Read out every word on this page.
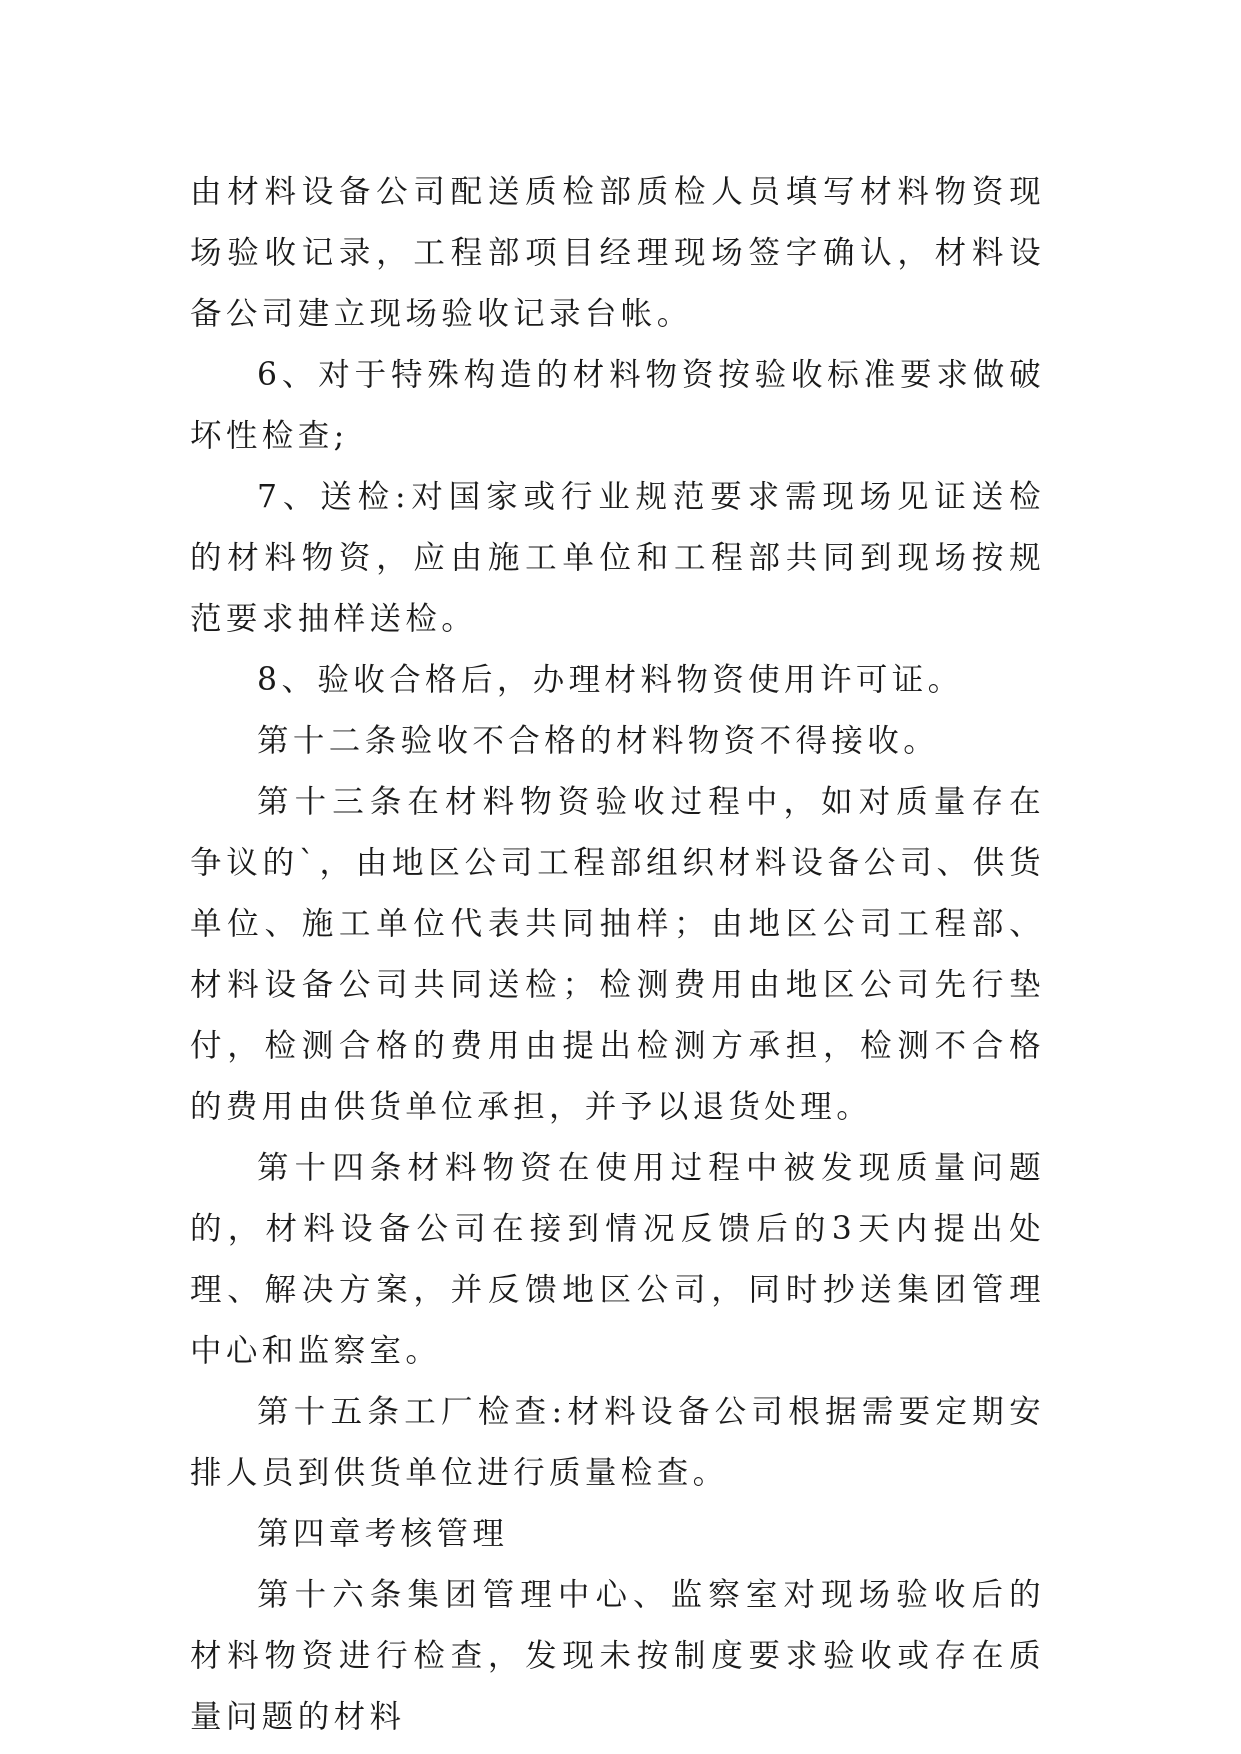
由材料设备公司配送质检部质检人员填写材料物资现场验收记录，工程部项目经理现场签字确认，材料设备公司建立现场验收记录台帐。

6、对于特殊构造的材料物资按验收标准要求做破坏性检查;

7、送检:对国家或行业规范要求需现场见证送检的材料物资，应由施工单位和工程部共同到现场按规范要求抽样送检。

8、验收合格后，办理材料物资使用许可证。

第十二条验收不合格的材料物资不得接收。

第十三条在材料物资验收过程中，如对质量存在争议的`，由地区公司工程部组织材料设备公司、供货单位、施工单位代表共同抽样；由地区公司工程部、材料设备公司共同送检；检测费用由地区公司先行垫付，检测合格的费用由提出检测方承担，检测不合格的费用由供货单位承担，并予以退货处理。

第十四条材料物资在使用过程中被发现质量问题的，材料设备公司在接到情况反馈后的3天内提出处理、解决方案，并反馈地区公司，同时抄送集团管理中心和监察室。

第十五条工厂检查:材料设备公司根据需要定期安排人员到供货单位进行质量检查。

第四章考核管理

第十六条集团管理中心、监察室对现场验收后的材料物资进行检查，发现未按制度要求验收或存在质量问题的材料
